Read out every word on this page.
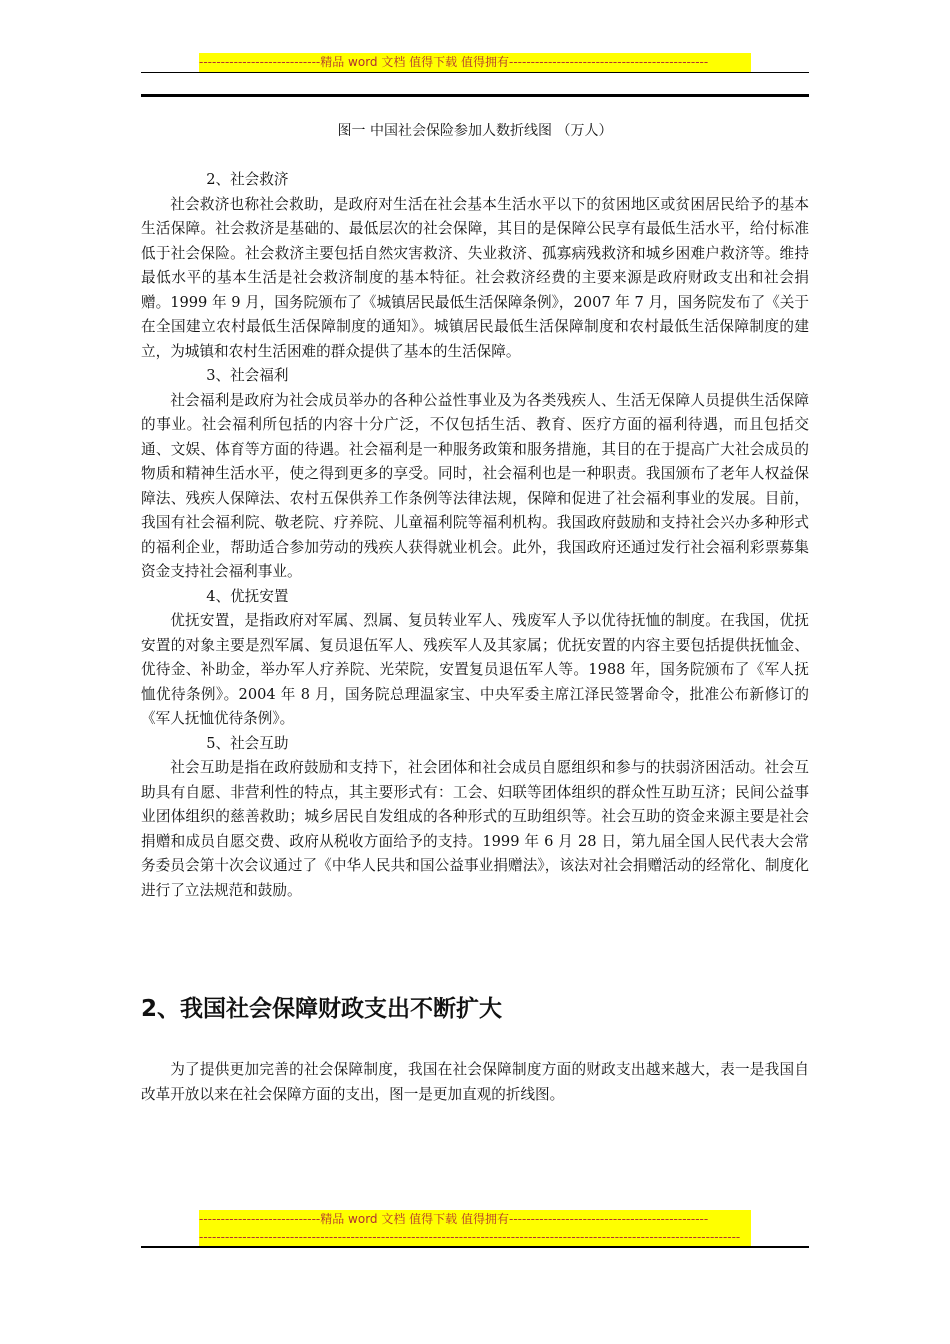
----------------------------精品 word 文档 值得下载 值得拥有----------------------------------------------
图一 中国社会保险参加人数折线图 （万人）

2、社会救济

社会救济也称社会救助，是政府对生活在社会基本生活水平以下的贫困地区或贫困居民给予的基本生活保障。社会救济是基础的、最低层次的社会保障，其目的是保障公民享有最低生活水平，给付标准低于社会保险。社会救济主要包括自然灾害救济、失业救济、孤寡病残救济和城乡困难户救济等。维持最低水平的基本生活是社会救济制度的基本特征。社会救济经费的主要来源是政府财政支出和社会捐赠。1999 年 9 月，国务院颁布了《城镇居民最低生活保障条例》，2007 年 7 月，国务院发布了《关于在全国建立农村最低生活保障制度的通知》。城镇居民最低生活保障制度和农村最低生活保障制度的建立，为城镇和农村生活困难的群众提供了基本的生活保障。

3、社会福利

社会福利是政府为社会成员举办的各种公益性事业及为各类残疾人、生活无保障人员提供生活保障的事业。社会福利所包括的内容十分广泛，不仅包括生活、教育、医疗方面的福利待遇，而且包括交通、文娱、体育等方面的待遇。社会福利是一种服务政策和服务措施，其目的在于提高广大社会成员的物质和精神生活水平，使之得到更多的享受。同时，社会福利也是一种职责。我国颁布了老年人权益保障法、残疾人保障法、农村五保供养工作条例等法律法规，保障和促进了社会福利事业的发展。目前，我国有社会福利院、敬老院、疗养院、儿童福利院等福利机构。我国政府鼓励和支持社会兴办多种形式的福利企业，帮助适合参加劳动的残疾人获得就业机会。此外，我国政府还通过发行社会福利彩票募集资金支持社会福利事业。

4、优抚安置

优抚安置，是指政府对军属、烈属、复员转业军人、残废军人予以优待抚恤的制度。在我国，优抚安置的对象主要是烈军属、复员退伍军人、残疾军人及其家属；优抚安置的内容主要包括提供抚恤金、优待金、补助金，举办军人疗养院、光荣院，安置复员退伍军人等。1988 年，国务院颁布了《军人抚恤优待条例》。2004 年 8 月，国务院总理温家宝、中央军委主席江泽民签署命令，批准公布新修订的《军人抚恤优待条例》。

5、社会互助

社会互助是指在政府鼓励和支持下，社会团体和社会成员自愿组织和参与的扶弱济困活动。社会互助具有自愿、非营利性的特点，其主要形式有：工会、妇联等团体组织的群众性互助互济；民间公益事业团体组织的慈善救助；城乡居民自发组成的各种形式的互助组织等。社会互助的资金来源主要是社会捐赠和成员自愿交费、政府从税收方面给予的支持。1999 年 6 月 28 日，第九届全国人民代表大会常务委员会第十次会议通过了《中华人民共和国公益事业捐赠法》，该法对社会捐赠活动的经常化、制度化进行了立法规范和鼓励。

2、我国社会保障财政支出不断扩大

为了提供更加完善的社会保障制度，我国在社会保障制度方面的财政支出越来越大，表一是我国自改革开放以来在社会保障方面的支出，图一是更加直观的折线图。

----------------------------精品 word 文档 值得下载 值得拥有----------------------------------------------
-----------------------------------------------------------------------------------------------------------------------------
